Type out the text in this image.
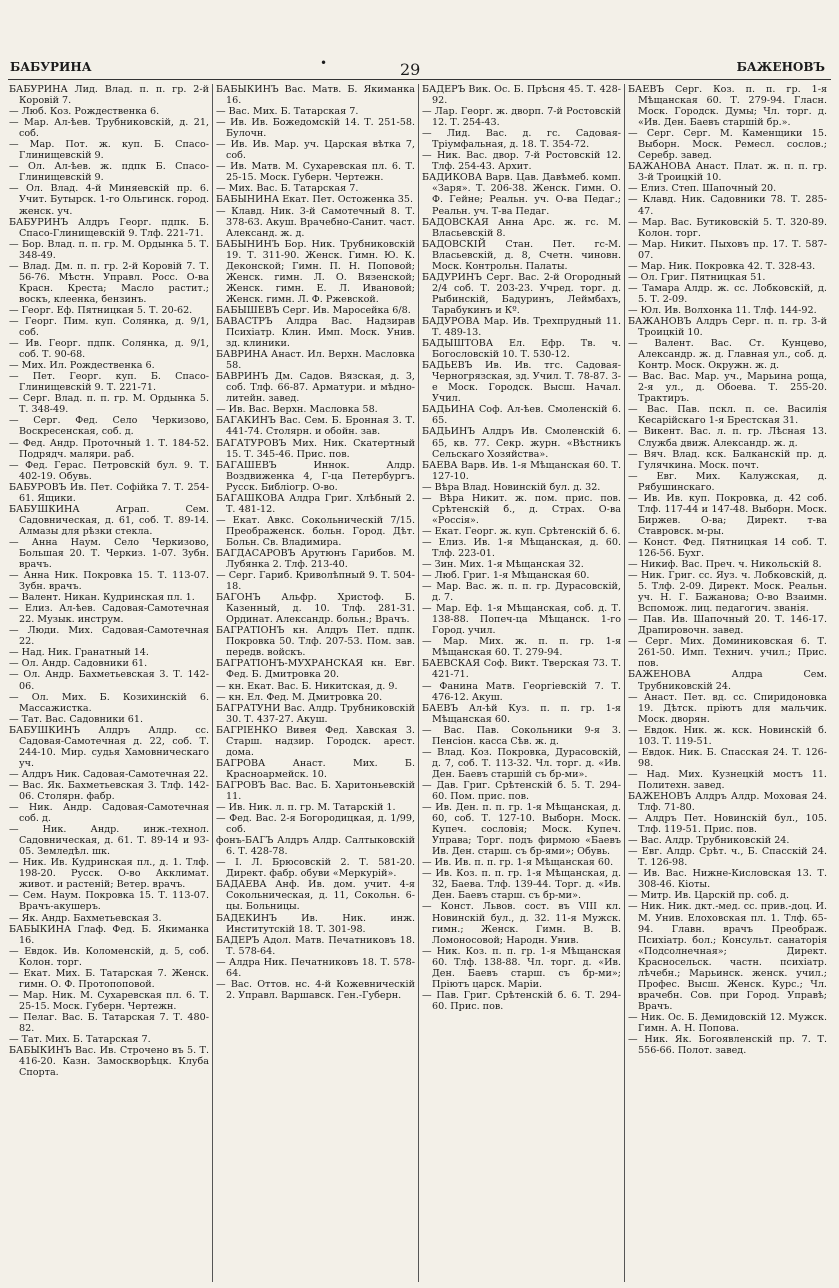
БАБУРИНА	•	29	БАЖЕНОВЪ

БАБУРИНА Лид. Влад. п. п. гр. 2-й Коровій 7.

— Люб. Коз. Рождественка 6.

— Мар. Ал-ѣев. Трубниковскій, д. 21, соб.

— Мар. Пот. ж. куп. Б. Спасо-Глинищевскій 9.

— Ол. Ал-ѣев. ж. пдпк Б. Спасо-Глинищевскій 9.

— Ол. Влад. 4-й Миняевскій пр. 6. Учит. Бутырск. 1-го Ольгинск. город. женск. уч.

БАБУРИНЪ Алдръ Георг. пдпк. Б. Спасо-Глинищевскій 9. Тлф. 221-71.

— Бор. Влад. п. п. гр. М. Ордынка 5. Т. 348-49.

— Влад. Дм. п. п. гр. 2-й Коровій 7. Т. 56-76. Мѣстн. Управл. Росс. О-ва Красн. Креста; Масло растит.; воскъ, клеенка, бензинъ.

— Георг. Еф. Пятницкая 5. Т. 20-62.

— Георг. Пим. куп. Солянка, д. 9/1, соб.

— Ив. Георг. пдпк. Солянка, д. 9/1, соб. Т. 90-68.

— Мих. Ил. Рождественка 6.

— Пет. Георг. куп. Б. Спасо-Глинищевскій 9. Т. 221-71.

— Серг. Влад. п. п. гр. М. Ордынка 5. Т. 348-49.

— Серг. Фед. Село Черкизово, Воскресенская, соб. д.

— Фед. Андр. Проточный 1. Т. 184-52. Подрядч. маляри. раб.

— Фед. Герас. Петровскій бул. 9. Т. 402-19. Обувь.

БАБУРОВЪ Ив. Пет. Софійка 7. Т. 254-61. Ящики.

БАБУШКИНА Аграп. Сем. Садовническая, д. 61, соб. Т. 89-14. Алмазы для рѣзки стекла.

— Анна Наум. Село Черкизово, Большая 20. Т. Черкиз. 1-07. Зубн. врачъ.

— Анна Ник. Покровка 15. Т. 113-07. Зубн. врачъ.

— Валент. Никан. Кудринская пл. 1.

— Елиз. Ал-ѣев. Садовая-Самотечная 22. Музык. инструм.

— Люди. Мих. Садовая-Самотечная 22.

— Над. Ник. Гранатный 14.

— Ол. Андр. Садовники 61.

— Ол. Андр. Бахметьевская 3. Т. 142-06.

— Ол. Мих. Б. Козихинскій 6. Массажистка.

— Тат. Вас. Садовники 61.

БАБУШКИНЪ Алдръ Алдр. сс. Садовая-Самотечная д. 22, соб. Т. 244-10. Мир. судья Хамовническаго уч.

— Алдръ Ник. Садовая-Самотечная 22.

— Вас. Як. Бахметьевская 3. Тлф. 142-06. Столярн. фабр.

— Ник. Андр. Садовая-Самотечная соб. д.

— Ник. Андр. инж.-технол. Садовническая, д. 61. Т. 89-14 и 93-05. Земледѣл. шк.

— Ник. Ив. Кудринская пл., д. 1. Тлф. 198-20. Русск. О-во Акклимат. живот. и растеній; Ветер. врачъ.

— Сем. Наум. Покровка 15. Т. 113-07. Врачъ-акушеръ.

— Як. Андр. Бахметьевская 3.

БАБЫКИНА Глаф. Фед. Б. Якиманка 16.

— Евдок. Ив. Коломенскій, д. 5, соб. Колон. торг.

— Екат. Мих. Б. Татарская 7. Женск. гимн. О. Ф. Протопоповой.

— Мар. Ник. М. Сухаревская пл. 6. Т. 25-15. Моск. Губерн. Чертежн.

— Пелаг. Вас. Б. Татарская 7. Т. 480-82.

— Тат. Мих. Б. Татарская 7.

БАБЫКИНЪ Вас. Ив. Строчено въ 5. Т. 416-20. Казн. Замоскворѣцк. Клуба Спорта.

БАБЫКИНЪ Вас. Матв. Б. Якиманка 16.

— Вас. Мих. Б. Татарская 7.

— Ив. Ив. Божедомскій 14. Т. 251-58. Булочн.

— Ив. Ив. Мар. уч. Царская вѣтка 7, соб.

— Ив. Матв. М. Сухаревская пл. 6. Т. 25-15. Моск. Губерн. Чертежн.

— Мих. Вас. Б. Татарская 7.

БАБЫНИНА Екат. Пет. Остоженка 35.

— Клавд. Ник. 3-й Самотечный 8. Т. 378-63. Акуш. Врачебно-Санит. част. Александ. ж. д.

БАБЫНИНЪ Бор. Ник. Трубниковскій 19. Т. 311-90. Женск. Гимн. Ю. К. Деконской; Гимн. П. Н. Поповой; Женск. гимн. Л. О. Вязенской; Женск. гимн. Е. Л. Ивановой; Женск. гимн. Л. Ф. Ржевской.

БАБЫШЕВЪ Серг. Ив. Маросейка 6/8.

БАВАСТРЪ Алдра Вас. Надзирав Психіатр. Клин. Имп. Моск. Унив. зд. клиники.

БАВРИНА Анаст. Ил. Верхн. Масловка 58.

БАВРИНЪ Дм. Садов. Вязская, д. 3, соб. Тлф. 66-87. Арматури. и мѣдно-литейн. завед.

— Ив. Вас. Верхн. Масловка 58.

БАГАКИНЪ Вас. Сем. Б. Бронная 3. Т. 441-74. Столярн. и обойн. зав.

БАГАТУРОВЪ Мих. Ник. Скатертный 15. Т. 345-46. Прис. пов.

БАГАШЕВЪ Иннок. Алдр. Воздвиженка 4, Г-ца Петербургъ. Русск. Библіогр. О-во.

БАГАШКОВА Алдра Григ. Хлѣбный 2. Т. 481-12.

— Екат. Авкс. Сокольническій 7/15. Преображенск. больн. Город. Дѣт. Больн. Св. Владимира.

БАГДАСАРОВЪ Арутюнъ Гарибов. М. Лубянка 2. Тлф. 213-40.

— Серг. Гариб. Криволѣпный 9. Т. 504-18.

БАГОНЪ Альфр. Христоф. Б. Казенный, д. 10. Тлф. 281-31. Ординат. Александр. больн.; Врачъ.

БАГРАТІОНЪ кн. Алдръ Пет. пдпк. Покровка 50. Тлф. 207-53. Пом. зав. передв. войскъ.

БАГРАТІОНЪ-МУХРАНСКАЯ кн. Евг. Фед. Б. Дмитровка 20.

— кн. Екат. Вас. Б. Никитская, д. 9.

— кн. Ел. Фед. М. Дмитровка 20.

БАГРАТУНИ Вас. Алдр. Трубниковскій 30. Т. 437-27. Акуш.

БАГРІЕНКО Вивея Фед. Хавская 3. Старш. надзир. Городск. арест. дома.

БАГРОВА Анаст. Мих. Б. Красноармейск. 10.

БАГРОВЪ Вас. Вас. Б. Харитоньевскій 11.

— Ив. Ник. л. п. гр. М. Татарскій 1.

— Фед. Вас. 2-я Богородицкая, д. 1/99, соб.

фонъ-БАГЪ Алдръ Алдр. Салтыковскій 6. Т. 428-78.

— І. Л. Брюсовскій 2. Т. 581-20. Директ. фабр. обуви «Меркурій».

БАДАЕВА Анф. Ив. дом. учит. 4-я Сокольническая, д. 11, Сокольн. 6-цы. Больницы.

БАДЕКИНЪ Ив. Ник. инж. Институтскій 18. Т. 301-98.

БАДЕРЪ Адол. Матв. Печатниковъ 18. Т. 578-64.

— Алдра Ник. Печатниковъ 18. Т. 578-64.

— Вас. Оттов. нс. 4-й Кожевническій 2. Управл. Варшавск. Ген.-Губерн.

БАДЕРЪ Вик. Ос. Б. Прѣсня 45. Т. 428-92.

— Лар. Георг. ж. дворп. 7-й Ростовскій 12. Т. 254-43.

— Лид. Вас. д. гс. Садовая-Тріумфальная, д. 18. Т. 354-72.

— Ник. Вас. двор. 7-й Ростовскій 12. Тлф. 254-43. Архит.

БАДИКОВА Варв. Цав. Давѣмеб. комп. «Заря». Т. 206-38. Женск. Гимн. О. Ф. Гейне; Реальн. уч. О-ва Педаг.; Реальн. уч. Т-ва Педаг.

БАДОВСКАЯ Анна Арс. ж. гс. М. Власьевскій 8.

БАДОВСКІЙ Стан. Пет. гс-М. Власьевскій, д. 8, Счетн. чиновн. Моск. Контрольн. Палаты.

БАДУРИНЪ Серг. Вас. 2-й Огородный 2/4 соб. Т. 203-23. Учред. торг. д. Рыбинскій, Бадуринъ, Леймбахъ, Тарабукинъ и Кº.

БАДУРОВА Мар. Ив. Трехпрудный 11. Т. 489-13.

БАДЫШТОВА Ел. Ефр. Тв. ч. Богословскій 10. Т. 530-12.

БАДЬЕВЪ Ив. Ив. тгс. Садовая-Черногрязская, зд. Учил. Т. 78-87. 3-е Моск. Городск. Высш. Начал. Учил.

БАДЬИНА Соф. Ал-ѣев. Смоленскій 6. 65.

БАДЬИНЪ Алдръ Ив. Смоленскій 6. 65, кв. 77. Секр. журн. «Вѣстникъ Сельскаго Хозяйства».

БАЕВА Варв. Ив. 1-я Мѣщанская 60. Т. 127-10.

— Вѣра Влад. Новинскій бул. д. 32.

— Вѣра Никит. ж. пом. прис. пов. Срѣтенскій б., д. Страх. О-ва «Россія».

— Екат. Георг. ж. куп. Срѣтенскій б. 6.

— Елиз. Ив. 1-я Мѣщанская, д. 60. Тлф. 223-01.

— Зин. Мих. 1-я Мѣщанская 32.

— Люб. Григ. 1-я Мѣщанская 60.

— Мар. Вас. ж. п. п. гр. Дурасовскій, д. 7.

— Мар. Еф. 1-я Мѣщанская, соб. д. Т. 138-88. Попеч-ца Мѣщанск. 1-го Город. учил.

— Мар. Мих. ж. п. п. гр. 1-я Мѣщанская 60. Т. 279-94.

БАЕВСКАЯ Соф. Викт. Тверская 73. Т. 421-71.

— Фанина Матв. Георгіевскій 7. Т. 476-12. Акуш.

БАЕВЪ Ал-ѣй Куз. п. п. гр. 1-я Мѣщанская 60.

— Вас. Пав. Сокольники 9-я 3. Пенсіон. касса Сѣв. ж. д.

— Влад. Коз. Покровка, Дурасовскій, д. 7, соб. Т. 113-32. Чл. торг. д. «Ив. Ден. Баевъ старшій съ бр-ми».

— Дав. Григ. Срѣтенскій б. 5. Т. 294-60. Пом. прис. пов.

— Ив. Ден. п. п. гр. 1-я Мѣщанская, д. 60, соб. Т. 127-10. Выборн. Моск. Купеч. сословія; Моск. Купеч. Управа; Торг. подъ фирмою «Баевъ Ив. Ден. старш. съ бр-ями»; Обувь.

— Ив. Ив. п. п. гр. 1-я Мѣщанская 60.

— Ив. Коз. п. п. гр. 1-я Мѣщанская, д. 32, Баева. Тлф. 139-44. Торг. д. «Ив. Ден. Баевъ старш. съ бр-ми».

— Конст. Львов. сост. въ VIII кл. Новинскій бул., д. 32. 11-я Мужск. гимн.; Женск. Гимн. В. В. Ломоносовой; Народн. Унив.

— Ник. Коз. п. п. гр. 1-я Мѣщанская 60. Тлф. 138-88. Чл. торг. д. «Ив. Ден. Баевъ старш. съ бр-ми»; Пріютъ царск. Маріи.

— Пав. Григ. Срѣтенскій б. 6. Т. 294-60. Прис. пов.

БАЕВЪ Серг. Коз. п. п. гр. 1-я Мѣщанская 60. Т. 279-94. Гласн. Моск. Городск. Думы; Чл. торг. д. «Ив. Ден. Баевъ старшій бр.».

— Серг. Серг. М. Каменщики 15. Выборн. Моск. Ремесл. сослов.; Серебр. завед.

БАЖАНОВА Анаст. Плат. ж. п. п. гр. 3-й Троицкій 10.

— Елиз. Степ. Шапочный 20.

— Клавд. Ник. Садовники 78. Т. 285-47.

— Мар. Вас. Бутиковскій 5. Т. 320-89. Колон. торг.

— Мар. Никит. Пыховъ пр. 17. Т. 587-07.

— Мар. Ник. Покровка 42. Т. 328-43.

— Ол. Григ. Пятницкая 51.

— Тамара Алдр. ж. сс. Лобковскій, д. 5. Т. 2-09.

— Юл. Ив. Волхонка 11. Тлф. 144-92.

БАЖАНОВЪ Алдръ Серг. п. п. гр. 3-й Троицкій 10.

— Валент. Вас. Ст. Кунцево, Александр. ж. д. Главная ул., соб. д. Контр. Моск. Окружн. ж. д.

— Вас. Вас. Мар. уч., Марьина роща, 2-я ул., д. Обоева. Т. 255-20. Трактиръ.

— Вас. Пав. пскл. п. се. Василія Кесарійскаго 1-я Брестская 31.

— Викент. Вас. л. п. гр. Лѣсная 13. Служба движ. Александр. ж. д.

— Вяч. Влад. кск. Балканскій пр. д. Гулячкина. Моск. почт.

— Евг. Мих. Калужская, д. Рябушинскаго.

— Ив. Ив. куп. Покровка, д. 42 соб. Тлф. 117-44 и 147-48. Выборн. Моск. Биржев. О-ва; Директ. т-ва Ставровск. м-ры.

— Конст. Фед. Пятницкая 14 соб. Т. 126-56. Бухг.

— Никиф. Вас. Преч. ч. Никольскій 8.

— Ник. Григ. сс. Яуз. ч. Лобковскій, д. 5. Тлф. 2-09. Директ. Моск. Реальн. уч. Н. Г. Бажанова; О-во Взаимн. Вспомож. лиц. педагогич. званія.

— Пав. Ив. Шапочный 20. Т. 146-17. Драпировочн. завед.

— Серг. Мих. Доминиковская 6. Т. 261-50. Имп. Технич. учил.; Прис. пов.

БАЖЕНОВА Алдра Сем. Трубниковскій 24.

— Анаст. Пет. вд. сс. Спиридоновка 19. Дѣтск. пріютъ для мальчик. Моск. дворян.

— Евдок. Ник. ж. кск. Новинскій б. 103. Т. 119-51.

— Евдок. Ник. Б. Спасская 24. Т. 126-98.

— Над. Мих. Кузнецкій мостъ 11. Политехн. завед.

БАЖЕНОВЪ Алдръ Алдр. Моховая 24. Тлф. 71-80.

— Алдръ Пет. Новинскій бул., 105. Тлф. 119-51. Прис. пов.

— Вас. Алдр. Трубниковскій 24.

— Евг. Алдр. Срѣт. ч., Б. Спасскій 24. Т. 126-98.

— Ив. Вас. Нижне-Кисловская 13. Т. 308-46. Кіоты.

— Митр. Ив. Царскій пр. соб. д.

— Ник. Ник. дкт.-мед. сс. прив.-доц. И. М. Унив. Елоховская пл. 1. Тлф. 65-94. Главн. врачъ Преображ. Психіатр. бол.; Консульт. санаторія «Подсолнечная»; Директ. Красносельск. частн. психіатр. лѣчебн.; Марьинск. женск. учил.; Профес. Высш. Женск. Курс.; Чл. врачебн. Сов. при Город. Управѣ; Врачъ.

— Ник. Ос. Б. Демидовскій 12. Мужск. Гимн. А. Н. Попова.

— Ник. Як. Богоявленскій пр. 7. Т. 556-66. Полот. завед.
